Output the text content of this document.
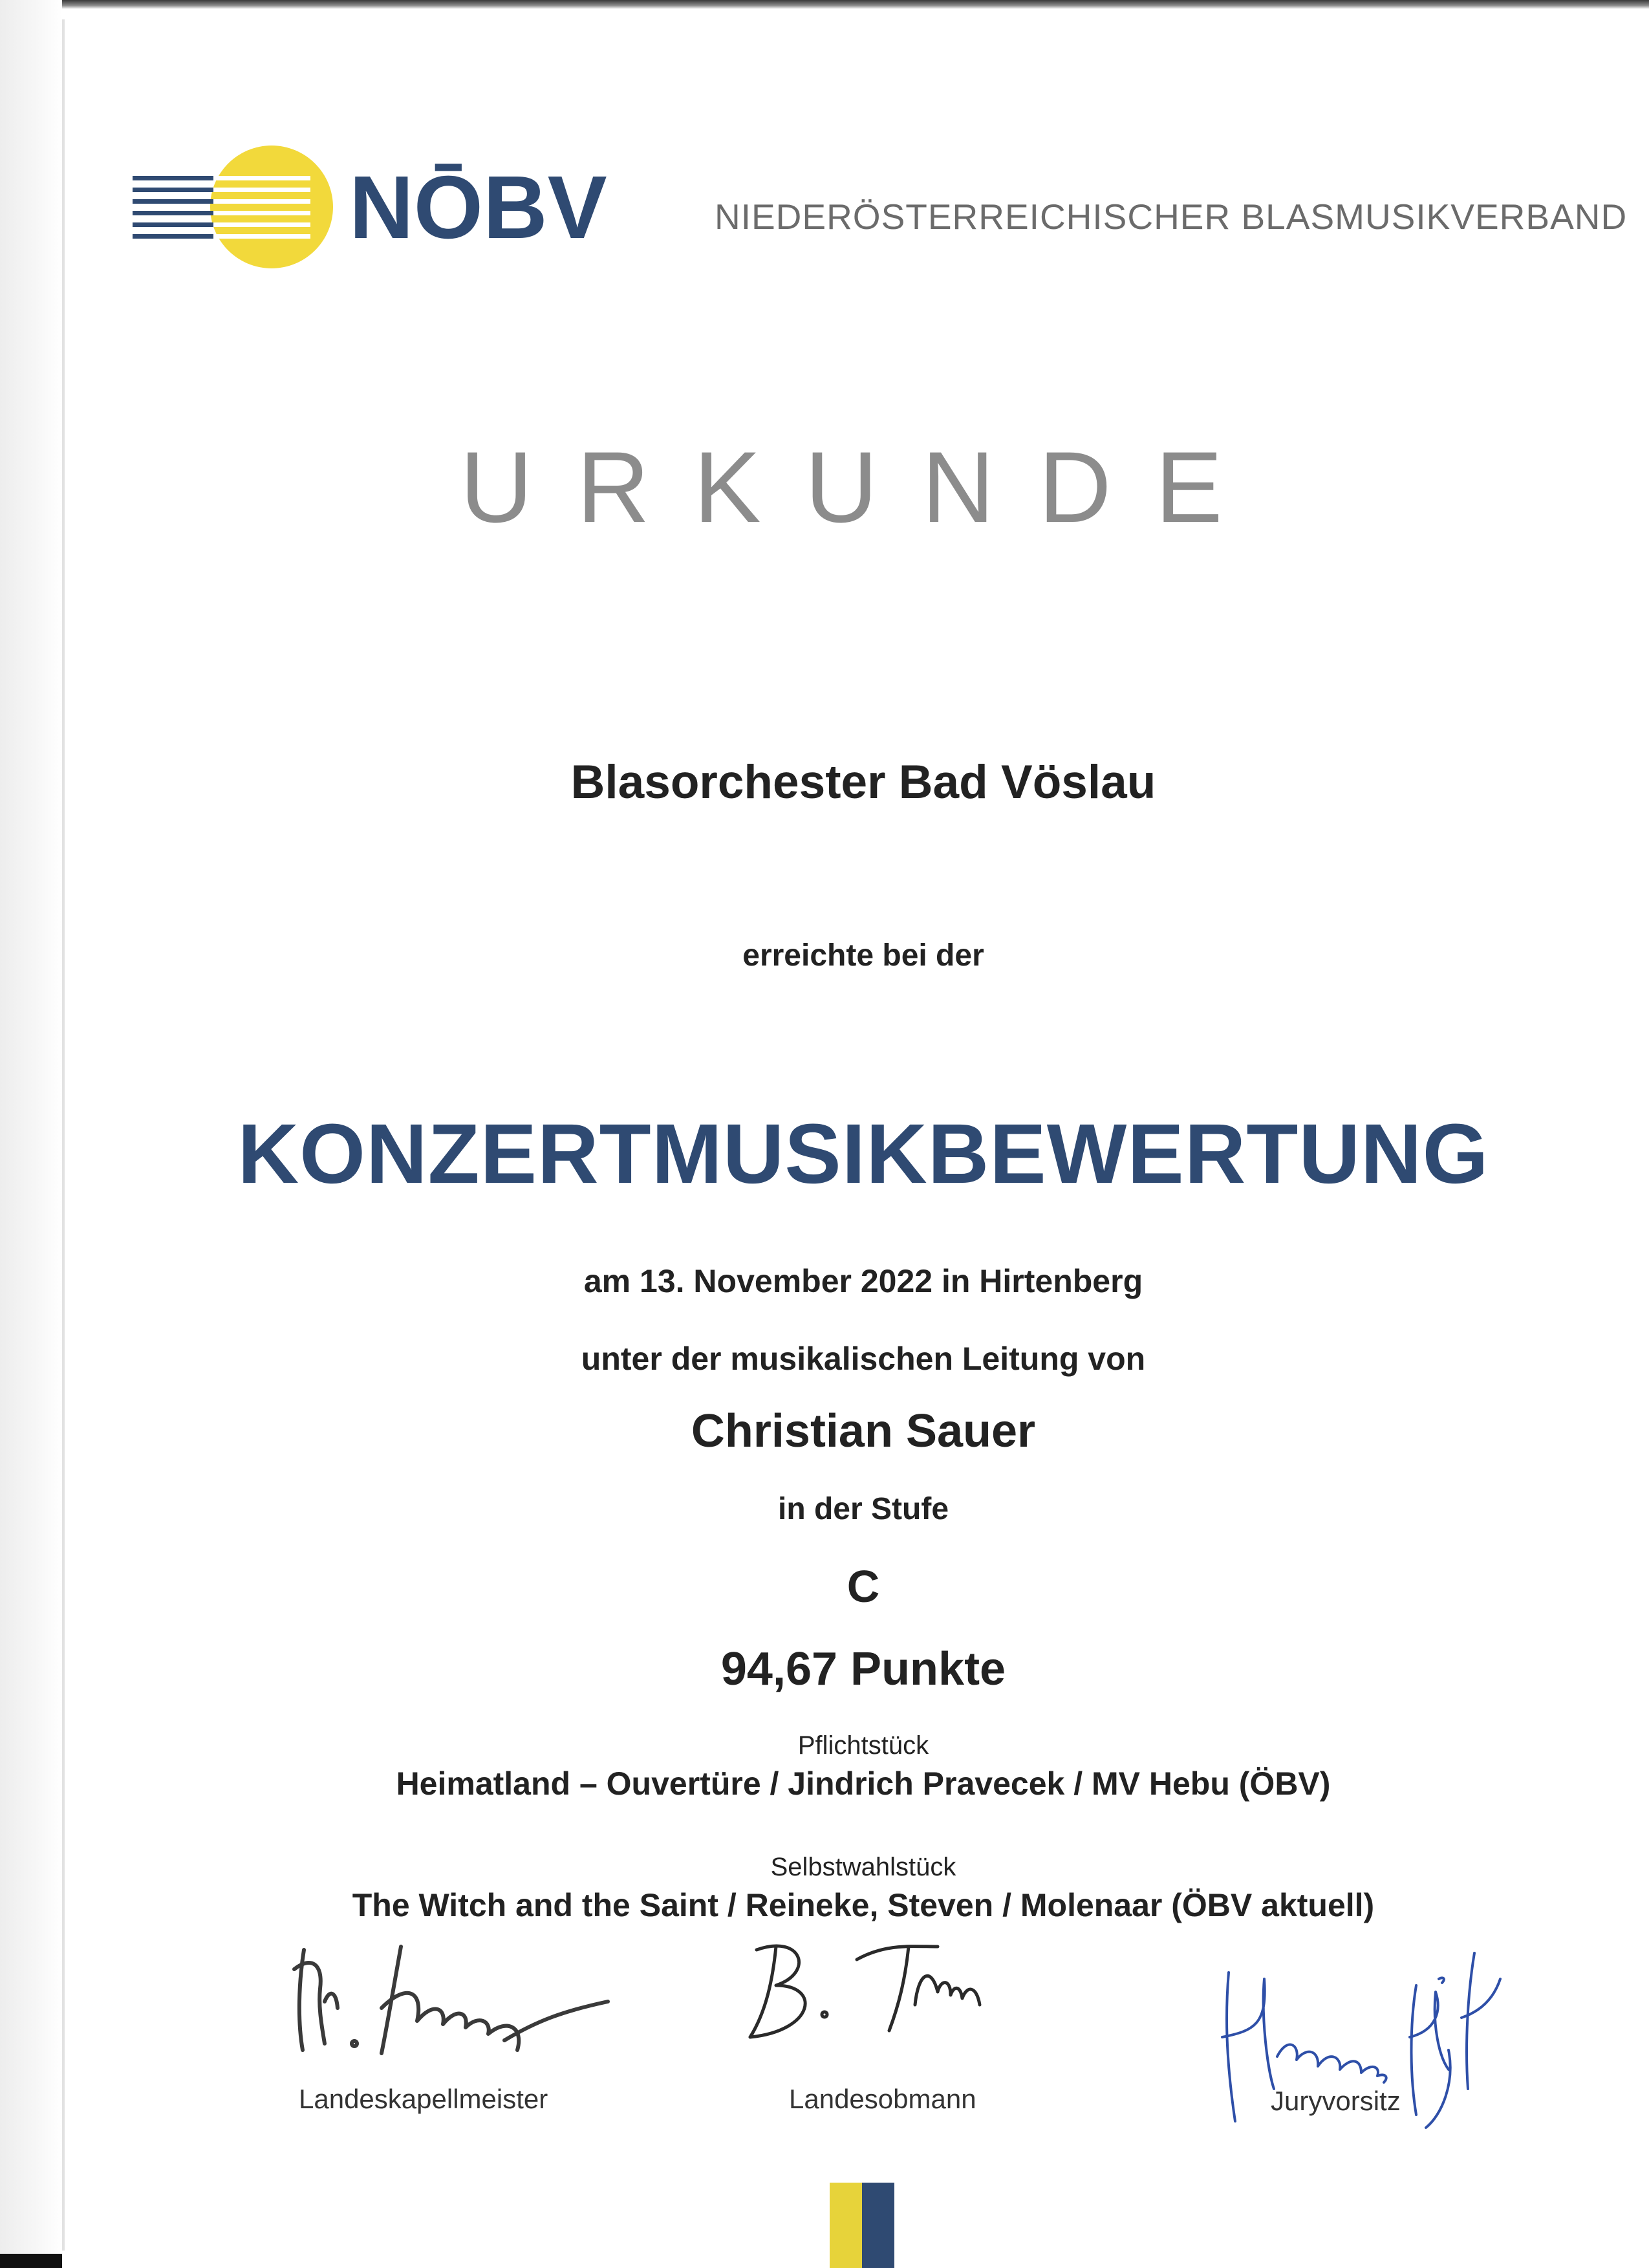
NŌBV	NIEDERÖSTERREICHISCHER BLASMUSIKVERBAND
URKUNDE
Blasorchester Bad Vöslau
erreichte bei der
KONZERTMUSIKBEWERTUNG
am 13. November 2022 in Hirtenberg
unter der musikalischen Leitung von
Christian Sauer
in der Stufe
C
94,67 Punkte
Pflichtstück
Heimatland – Ouvertüre / Jindrich Pravecek / MV Hebu (ÖBV)
Selbstwahlstück
The Witch and the Saint / Reineke, Steven / Molenaar (ÖBV aktuell)
Landeskapellmeister	Landesobmann	Juryvorsitz
